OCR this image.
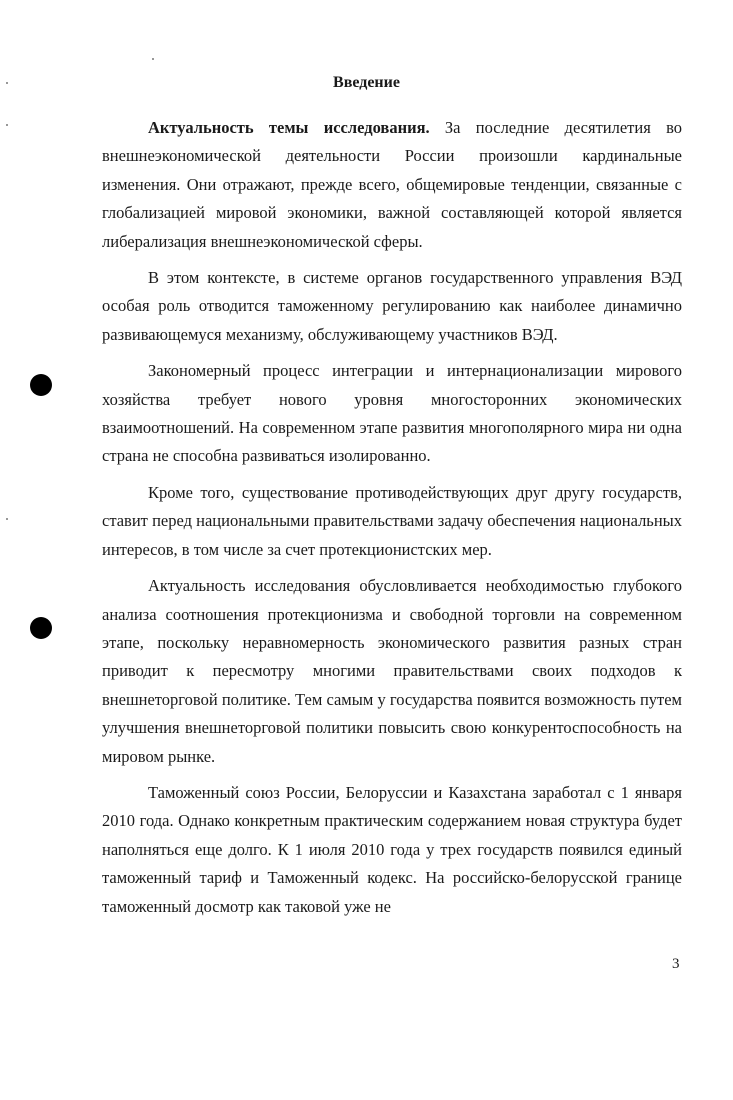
Введение

Актуальность темы исследования. За последние десятилетия во внешнеэкономической деятельности России произошли кардинальные изменения. Они отражают, прежде всего, общемировые тенденции, связанные с глобализацией мировой экономики, важной составляющей которой является либерализация внешнеэкономической сферы.

В этом контексте, в системе органов государственного управления ВЭД особая роль отводится таможенному регулированию как наиболее динамично развивающемуся механизму, обслуживающему участников ВЭД.

Закономерный процесс интеграции и интернационализации мирового хозяйства требует нового уровня многосторонних экономических взаимоотношений. На современном этапе развития многополярного мира ни одна страна не способна развиваться изолированно.

Кроме того, существование противодействующих друг другу государств, ставит перед национальными правительствами задачу обеспечения национальных интересов, в том числе за счет протекционистских мер.

Актуальность исследования обусловливается необходимостью глубокого анализа соотношения протекционизма и свободной торговли на современном этапе, поскольку неравномерность экономического развития разных стран приводит к пересмотру многими правительствами своих подходов к внешнеторговой политике. Тем самым у государства появится возможность путем улучшения внешнеторговой политики повысить свою конкурентоспособность на мировом рынке.

Таможенный союз России, Белоруссии и Казахстана заработал с 1 января 2010 года. Однако конкретным практическим содержанием новая структура будет наполняться еще долго. К 1 июля 2010 года у трех государств появился единый таможенный тариф и Таможенный кодекс. На российско-белорусской границе таможенный досмотр как таковой уже не

3
